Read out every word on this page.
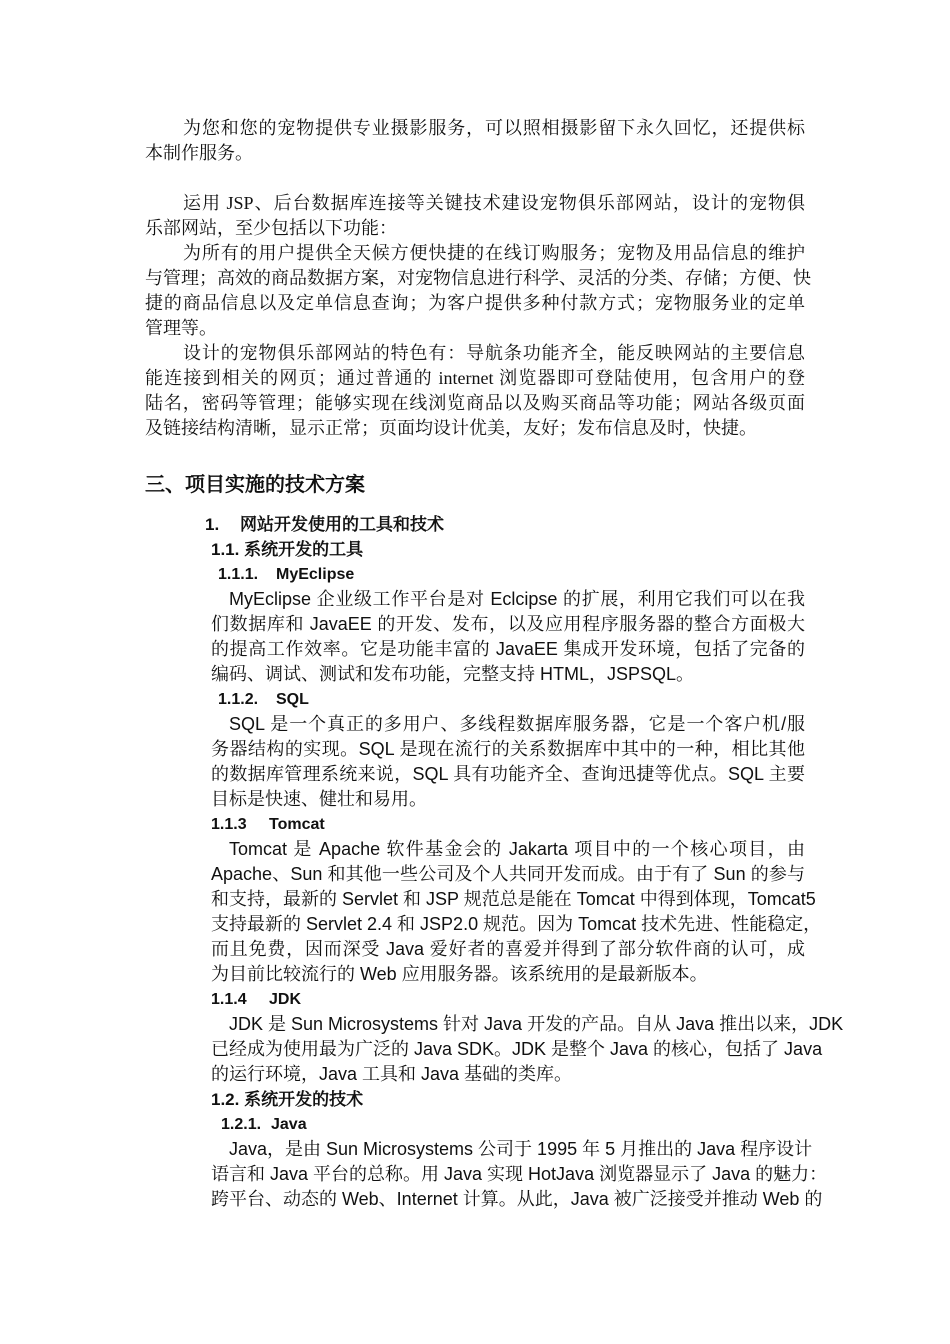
为您和您的宠物提供专业摄影服务，可以照相摄影留下永久回忆，还提供标
本制作服务。
运用 JSP、后台数据库连接等关键技术建设宠物俱乐部网站，设计的宠物俱
乐部网站，至少包括以下功能：
为所有的用户提供全天候方便快捷的在线订购服务；宠物及用品信息的维护
与管理；高效的商品数据方案，对宠物信息进行科学、灵活的分类、存储；方便、快
捷的商品信息以及定单信息查询；为客户提供多种付款方式；宠物服务业的定单
管理等。
设计的宠物俱乐部网站的特色有：导航条功能齐全，能反映网站的主要信息
能连接到相关的网页；通过普通的 internet 浏览器即可登陆使用，包含用户的登
陆名，密码等管理；能够实现在线浏览商品以及购买商品等功能；网站各级页面
及链接结构清晰，显示正常；页面均设计优美，友好；发布信息及时，快捷。
三、项目实施的技术方案
1. 网站开发使用的工具和技术
1.1. 系统开发的工具
1.1.1. MyEclipse
MyEclipse 企业级工作平台是对 Eclcipse 的扩展，利用它我们可以在我
们数据库和 JavaEE 的开发、发布，以及应用程序服务器的整合方面极大
的提高工作效率。它是功能丰富的 JavaEE 集成开发环境，包括了完备的
编码、调试、测试和发布功能，完整支持 HTML，JSPSQL。
1.1.2. SQL
SQL 是一个真正的多用户、多线程数据库服务器，它是一个客户机/服
务器结构的实现。SQL 是现在流行的关系数据库中其中的一种，相比其他
的数据库管理系统来说，SQL 具有功能齐全、查询迅捷等优点。SQL 主要
目标是快速、健壮和易用。
1.1.3 Tomcat
Tomcat 是 Apache 软件基金会的 Jakarta 项目中的一个核心项目，由
Apache、Sun 和其他一些公司及个人共同开发而成。由于有了 Sun 的参与
和支持，最新的 Servlet 和 JSP 规范总是能在 Tomcat 中得到体现，Tomcat5
支持最新的 Servlet 2.4 和 JSP2.0 规范。因为 Tomcat 技术先进、性能稳定，
而且免费，因而深受 Java 爱好者的喜爱并得到了部分软件商的认可，成
为目前比较流行的 Web 应用服务器。该系统用的是最新版本。
1.1.4 JDK
JDK 是 Sun Microsystems 针对 Java 开发的产品。自从 Java 推出以来，JDK
已经成为使用最为广泛的 Java SDK。JDK 是整个 Java 的核心，包括了 Java
的运行环境，Java 工具和 Java 基础的类库。
1.2. 系统开发的技术
1.2.1. Java
Java，是由 Sun Microsystems 公司于 1995 年 5 月推出的 Java 程序设计
语言和 Java 平台的总称。用 Java 实现 HotJava 浏览器显示了 Java 的魅力：
跨平台、动态的 Web、Internet 计算。从此，Java 被广泛接受并推动 Web 的
